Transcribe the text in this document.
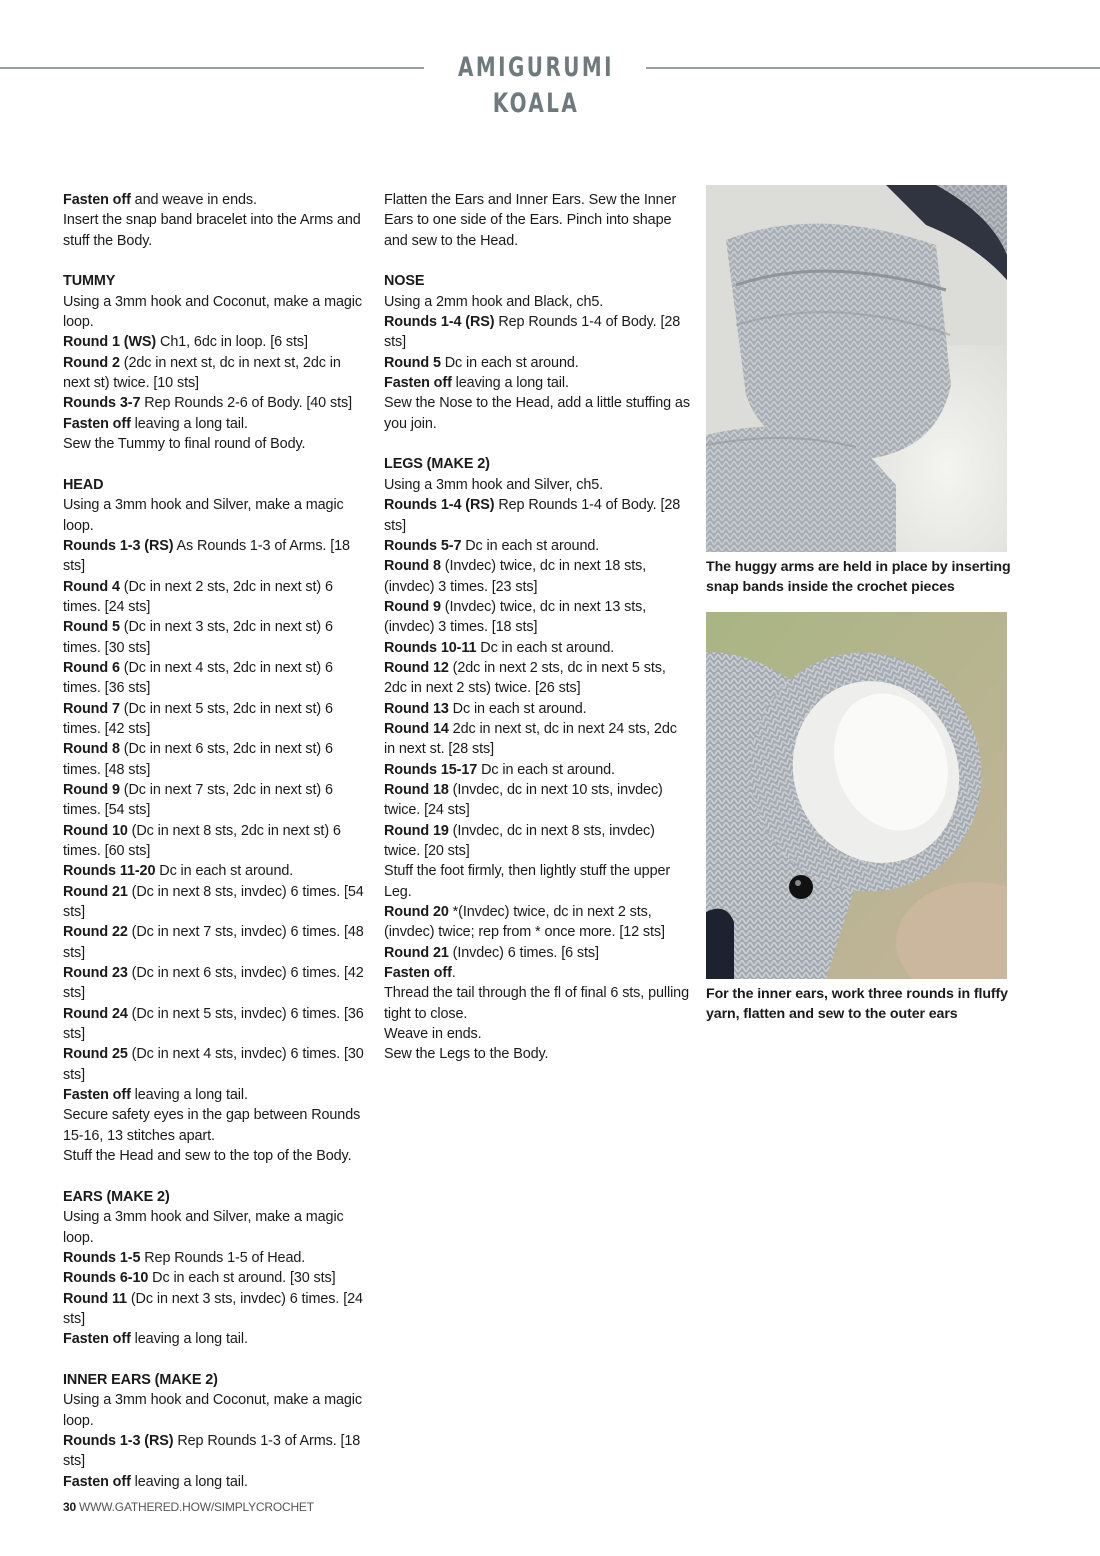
AMIGURUMI KOALA
Fasten off and weave in ends.
Insert the snap band bracelet into the Arms and stuff the Body.
TUMMY
Using a 3mm hook and Coconut, make a magic loop.
Round 1 (WS) Ch1, 6dc in loop. [6 sts]
Round 2 (2dc in next st, dc in next st, 2dc in next st) twice. [10 sts]
Rounds 3-7 Rep Rounds 2-6 of Body. [40 sts]
Fasten off leaving a long tail.
Sew the Tummy to final round of Body.
HEAD
Using a 3mm hook and Silver, make a magic loop.
Rounds 1-3 (RS) As Rounds 1-3 of Arms. [18 sts]
Round 4 (Dc in next 2 sts, 2dc in next st) 6 times. [24 sts]
Round 5 (Dc in next 3 sts, 2dc in next st) 6 times. [30 sts]
Round 6 (Dc in next 4 sts, 2dc in next st) 6 times. [36 sts]
Round 7 (Dc in next 5 sts, 2dc in next st) 6 times. [42 sts]
Round 8 (Dc in next 6 sts, 2dc in next st) 6 times. [48 sts]
Round 9 (Dc in next 7 sts, 2dc in next st) 6 times. [54 sts]
Round 10 (Dc in next 8 sts, 2dc in next st) 6 times. [60 sts]
Rounds 11-20 Dc in each st around.
Round 21 (Dc in next 8 sts, invdec) 6 times. [54 sts]
Round 22 (Dc in next 7 sts, invdec) 6 times. [48 sts]
Round 23 (Dc in next 6 sts, invdec) 6 times. [42 sts]
Round 24 (Dc in next 5 sts, invdec) 6 times. [36 sts]
Round 25 (Dc in next 4 sts, invdec) 6 times. [30 sts]
Fasten off leaving a long tail.
Secure safety eyes in the gap between Rounds 15-16, 13 stitches apart.
Stuff the Head and sew to the top of the Body.
EARS (MAKE 2)
Using a 3mm hook and Silver, make a magic loop.
Rounds 1-5 Rep Rounds 1-5 of Head.
Rounds 6-10 Dc in each st around. [30 sts]
Round 11 (Dc in next 3 sts, invdec) 6 times. [24 sts]
Fasten off leaving a long tail.
INNER EARS (MAKE 2)
Using a 3mm hook and Coconut, make a magic loop.
Rounds 1-3 (RS) Rep Rounds 1-3 of Arms. [18 sts]
Fasten off leaving a long tail.
Flatten the Ears and Inner Ears. Sew the Inner Ears to one side of the Ears. Pinch into shape and sew to the Head.
NOSE
Using a 2mm hook and Black, ch5.
Rounds 1-4 (RS) Rep Rounds 1-4 of Body. [28 sts]
Round 5 Dc in each st around.
Fasten off leaving a long tail.
Sew the Nose to the Head, add a little stuffing as you join.
LEGS (MAKE 2)
Using a 3mm hook and Silver, ch5.
Rounds 1-4 (RS) Rep Rounds 1-4 of Body. [28 sts]
Rounds 5-7 Dc in each st around.
Round 8 (Invdec) twice, dc in next 18 sts, (invdec) 3 times. [23 sts]
Round 9 (Invdec) twice, dc in next 13 sts, (invdec) 3 times. [18 sts]
Rounds 10-11 Dc in each st around.
Round 12 (2dc in next 2 sts, dc in next 5 sts, 2dc in next 2 sts) twice. [26 sts]
Round 13 Dc in each st around.
Round 14 2dc in next st, dc in next 24 sts, 2dc in next st. [28 sts]
Rounds 15-17 Dc in each st around.
Round 18 (Invdec, dc in next 10 sts, invdec) twice. [24 sts]
Round 19 (Invdec, dc in next 8 sts, invdec) twice. [20 sts]
Stuff the foot firmly, then lightly stuff the upper Leg.
Round 20 *(Invdec) twice, dc in next 2 sts, (invdec) twice; rep from * once more. [12 sts]
Round 21 (Invdec) 6 times. [6 sts]
Fasten off.
Thread the tail through the fl of final 6 sts, pulling tight to close.
Weave in ends.
Sew the Legs to the Body.
The huggy arms are held in place by inserting snap bands inside the crochet pieces
For the inner ears, work three rounds in fluffy yarn, flatten and sew to the outer ears
30 WWW.GATHERED.HOW/SIMPLYCROCHET
